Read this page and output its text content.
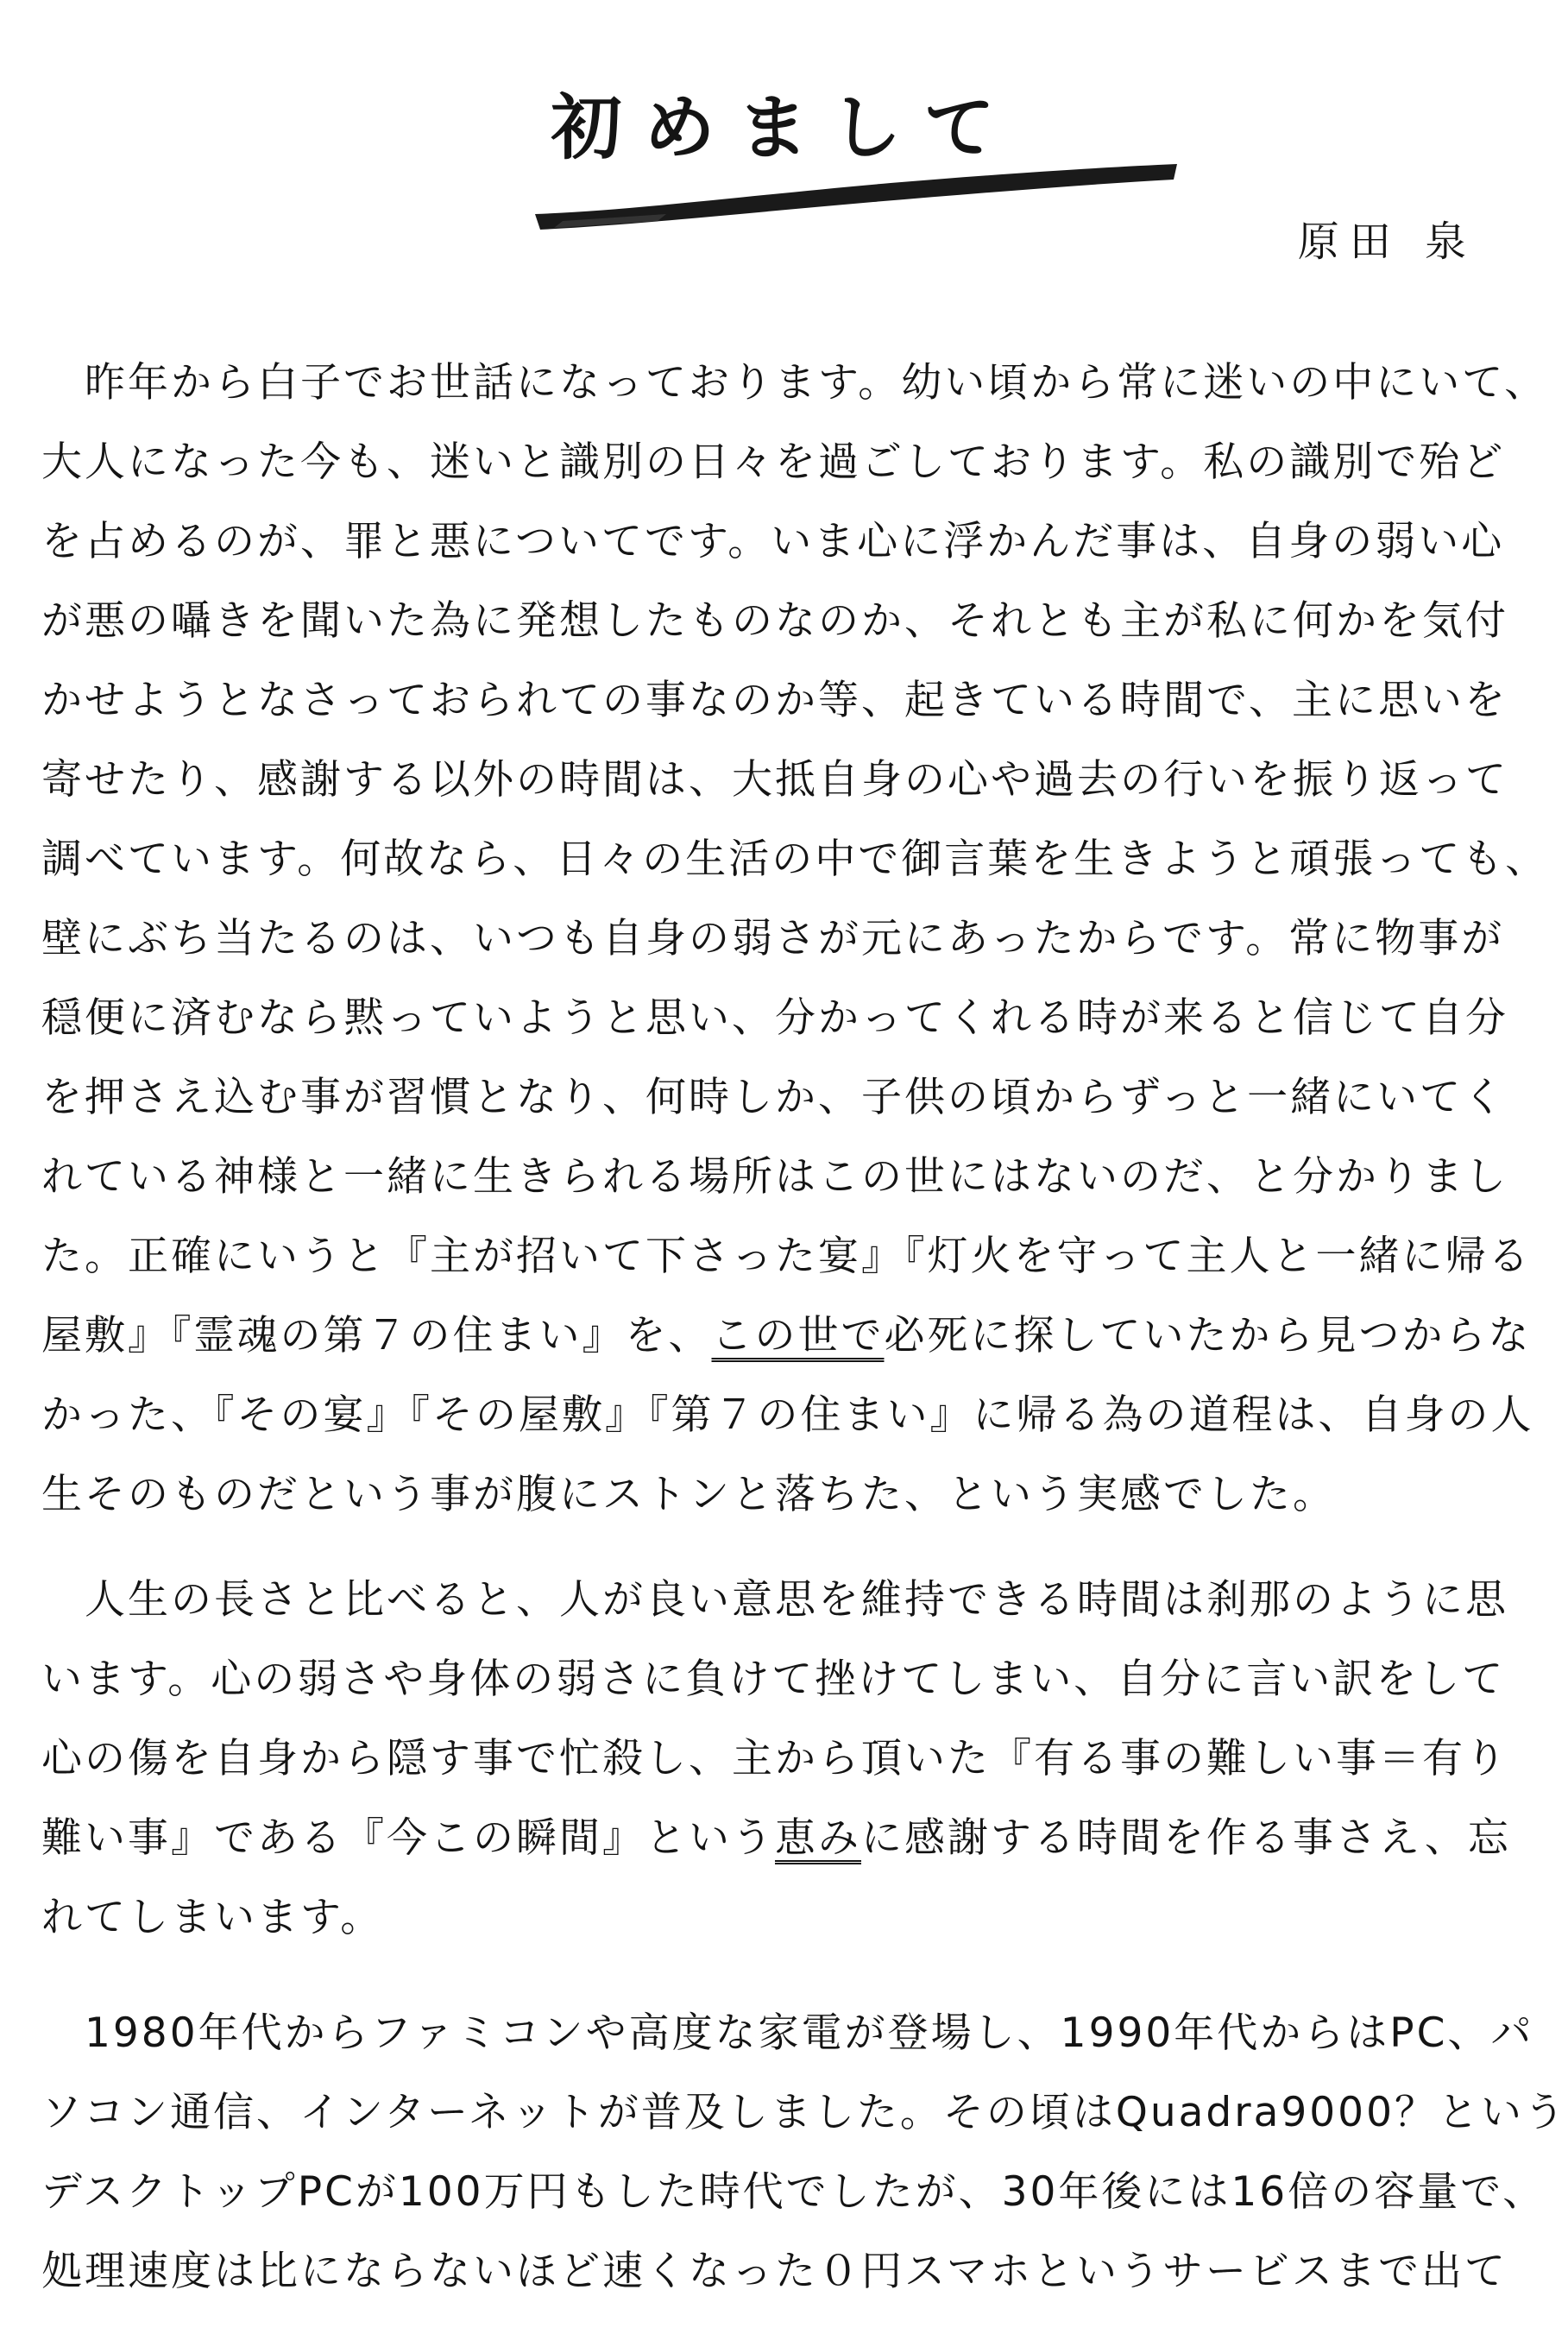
初めまして
原田 泉
昨年から白子でお世話になっております。幼い頃から常に迷いの中にいて、
大人になった今も、迷いと識別の日々を過ごしております。私の識別で殆ど
を占めるのが、罪と悪についてです。いま心に浮かんだ事は、自身の弱い心
が悪の囁きを聞いた為に発想したものなのか、それとも主が私に何かを気付
かせようとなさっておられての事なのか等、起きている時間で、主に思いを
寄せたり、感謝する以外の時間は、大抵自身の心や過去の行いを振り返って
調べています。何故なら、日々の生活の中で御言葉を生きようと頑張っても、
壁にぶち当たるのは、いつも自身の弱さが元にあったからです。常に物事が
穏便に済むなら黙っていようと思い、分かってくれる時が来ると信じて自分
を押さえ込む事が習慣となり、何時しか、子供の頃からずっと一緒にいてく
れている神様と一緒に生きられる場所はこの世にはないのだ、と分かりまし
た。正確にいうと『主が招いて下さった宴』『灯火を守って主人と一緒に帰る
屋敷』『霊魂の第７の住まい』を、この世で必死に探していたから見つからな
かった、『その宴』『その屋敷』『第７の住まい』に帰る為の道程は、自身の人
生そのものだという事が腹にストンと落ちた、という実感でした。
人生の長さと比べると、人が良い意思を維持できる時間は刹那のように思
います。心の弱さや身体の弱さに負けて挫けてしまい、自分に言い訳をして
心の傷を自身から隠す事で忙殺し、主から頂いた『有る事の難しい事＝有り
難い事』である『今この瞬間』という恵みに感謝する時間を作る事さえ、忘
れてしまいます。
1980年代からファミコンや高度な家電が登場し、1990年代からはPC、パ
ソコン通信、インターネットが普及しました。その頃はQuadra9000？という
デスクトップPCが100万円もした時代でしたが、30年後には16倍の容量で、
処理速度は比にならないほど速くなった０円スマホというサービスまで出て
